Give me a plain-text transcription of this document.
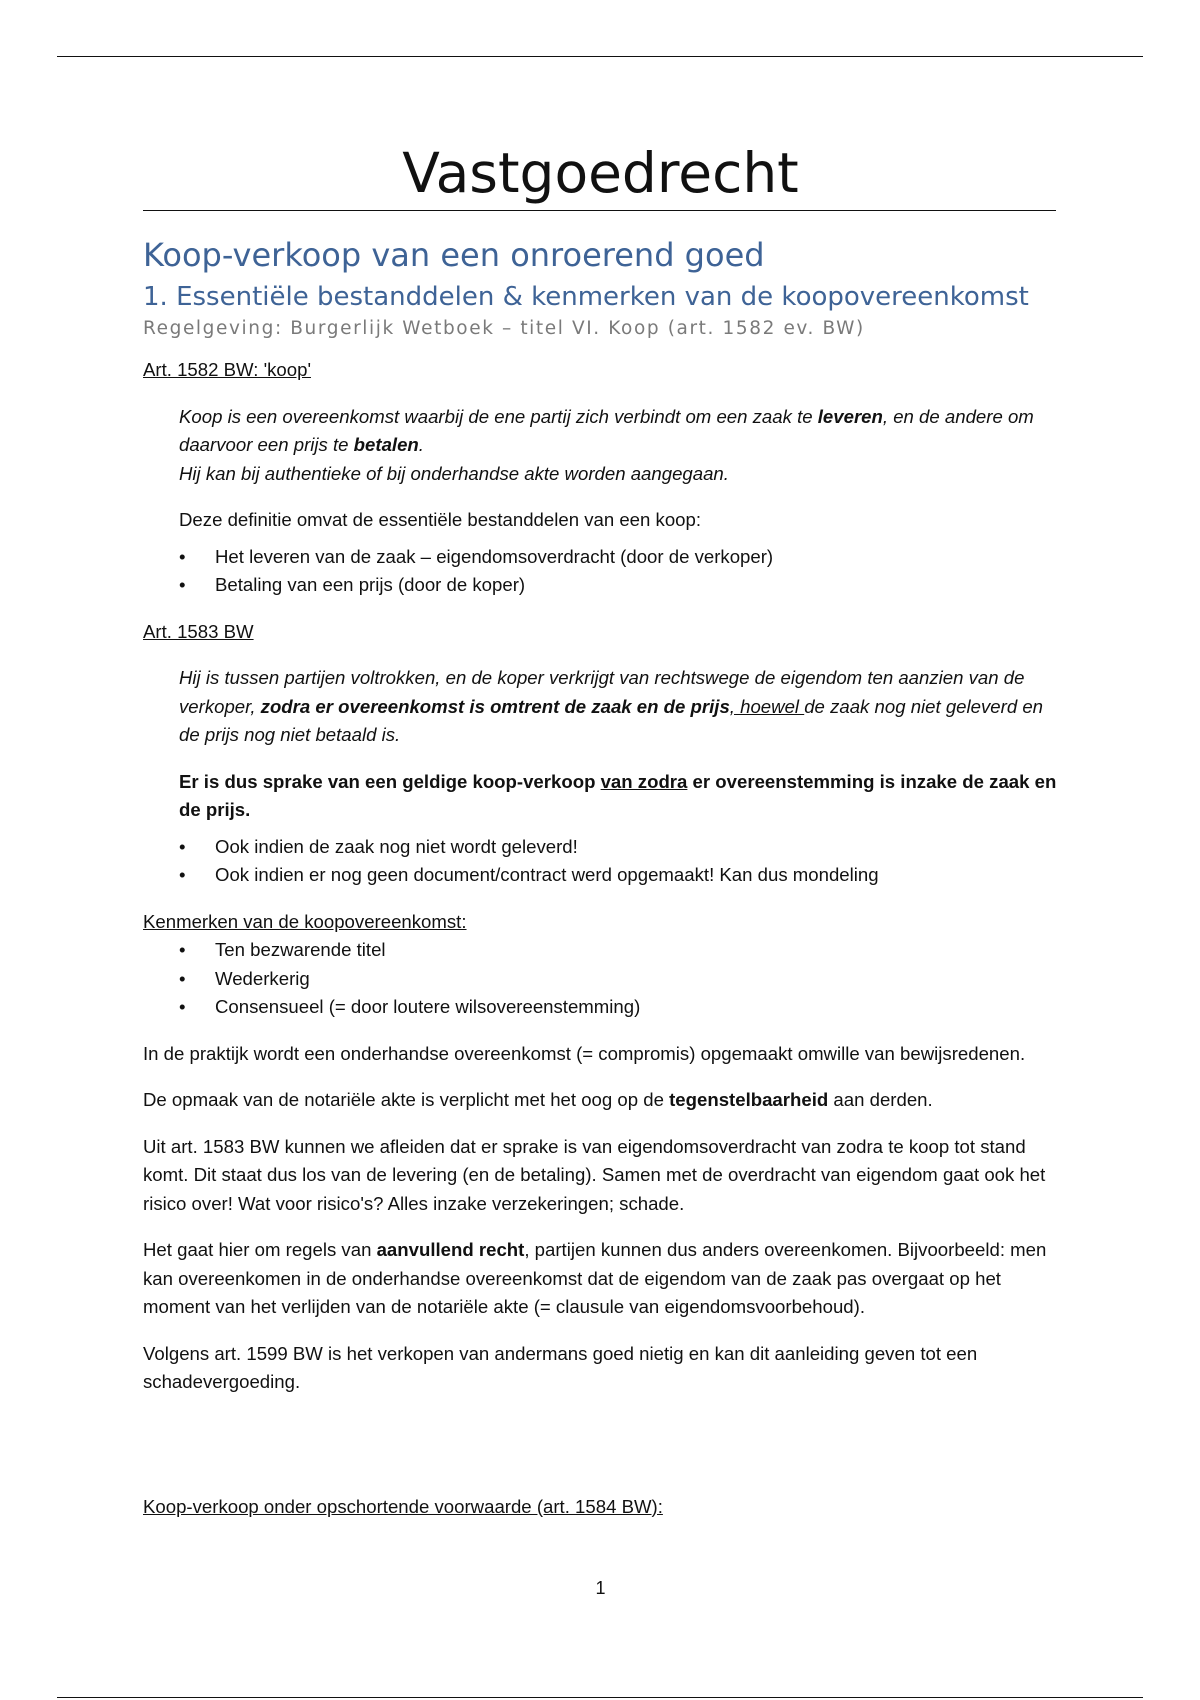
Vastgoedrecht
Koop-verkoop van een onroerend goed
1. Essentiële bestanddelen & kenmerken van de koopovereenkomst
Regelgeving: Burgerlijk Wetboek – titel VI. Koop (art. 1582 ev. BW)

Art. 1582 BW: 'koop'

Koop is een overeenkomst waarbij de ene partij zich verbindt om een zaak te leveren, en de andere om daarvoor een prijs te betalen.

Hij kan bij authentieke of bij onderhandse akte worden aangegaan.

Deze definitie omvat de essentiële bestanddelen van een koop:

• Het leveren van de zaak – eigendomsoverdracht (door de verkoper)
• Betaling van een prijs (door de koper)

Art. 1583 BW

Hij is tussen partijen voltrokken, en de koper verkrijgt van rechtswege de eigendom ten aanzien van de verkoper, zodra er overeenkomst is omtrent de zaak en de prijs, hoewel de zaak nog niet geleverd en de prijs nog niet betaald is.

Er is dus sprake van een geldige koop-verkoop van zodra er overeenstemming is inzake de zaak en de prijs.

• Ook indien de zaak nog niet wordt geleverd!
• Ook indien er nog geen document/contract werd opgemaakt! Kan dus mondeling

Kenmerken van de koopovereenkomst:

• Ten bezwarende titel
• Wederkerig
• Consensueel (= door loutere wilsovereenstemming)

In de praktijk wordt een onderhandse overeenkomst (= compromis) opgemaakt omwille van bewijsredenen.

De opmaak van de notariële akte is verplicht met het oog op de tegenstelbaarheid aan derden.

Uit art. 1583 BW kunnen we afleiden dat er sprake is van eigendomsoverdracht van zodra te koop tot stand komt. Dit staat dus los van de levering (en de betaling). Samen met de overdracht van eigendom gaat ook het risico over! Wat voor risico's? Alles inzake verzekeringen; schade.

Het gaat hier om regels van aanvullend recht, partijen kunnen dus anders overeenkomen. Bijvoorbeeld: men kan overeenkomen in de onderhandse overeenkomst dat de eigendom van de zaak pas overgaat op het moment van het verlijden van de notariële akte (= clausule van eigendomsvoorbehoud).

Volgens art. 1599 BW is het verkopen van andermans goed nietig en kan dit aanleiding geven tot een schadevergoeding.

Koop-verkoop onder opschortende voorwaarde (art. 1584 BW):

1
